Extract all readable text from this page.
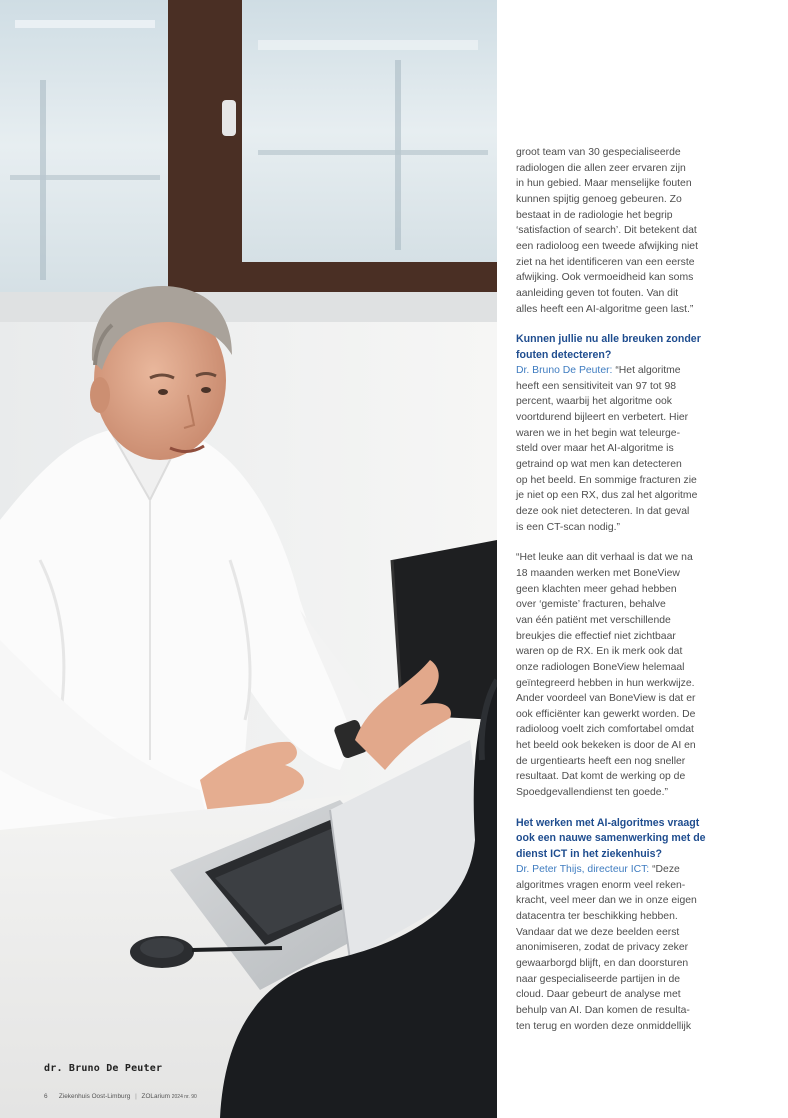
dr. Bruno De Peuter
groot team van 30 gespecialiseerde
radiologen die allen zeer ervaren zijn
in hun gebied. Maar menselijke fouten
kunnen spijtig genoeg gebeuren. Zo
bestaat in de radiologie het begrip
‘satisfaction of search’. Dit betekent dat
een radioloog een tweede afwijking niet
ziet na het identificeren van een eerste
afwijking. Ook vermoeidheid kan soms
aanleiding geven tot fouten. Van dit
alles heeft een AI-algoritme geen last.”
Kunnen jullie nu alle breuken zonder
fouten detecteren?
Dr. Bruno De Peuter: “Het algoritme
heeft een sensitiviteit van 97 tot 98
percent, waarbij het algoritme ook
voortdurend bijleert en verbetert. Hier
waren we in het begin wat teleurge-
steld over maar het AI-algoritme is
getraind op wat men kan detecteren
op het beeld. En sommige fracturen zie
je niet op een RX, dus zal het algoritme
deze ook niet detecteren. In dat geval
is een CT-scan nodig.”
“Het leuke aan dit verhaal is dat we na
18 maanden werken met BoneView
geen klachten meer gehad hebben
over ‘gemiste’ fracturen, behalve
van één patiënt met verschillende
breukjes die effectief niet zichtbaar
waren op de RX. En ik merk ook dat
onze radiologen BoneView helemaal
geïntegreerd hebben in hun werkwijze.
Ander voordeel van BoneView is dat er
ook efficiënter kan gewerkt worden. De
radioloog voelt zich comfortabel omdat
het beeld ook bekeken is door de AI en
de urgentiearts heeft een nog sneller
resultaat. Dat komt de werking op de
Spoedgevallendienst ten goede.”
Het werken met AI-algoritmes vraagt
ook een nauwe samenwerking met de
dienst ICT in het ziekenhuis?
Dr. Peter Thijs, directeur ICT: “Deze
algoritmes vragen enorm veel reken-
kracht, veel meer dan we in onze eigen
datacentra ter beschikking hebben.
Vandaar dat we deze beelden eerst
anonimiseren, zodat de privacy zeker
gewaarborgd blijft, en dan doorsturen
naar gespecialiseerde partijen in de
cloud. Daar gebeurt de analyse met
behulp van AI. Dan komen de resulta-
ten terug en worden deze onmiddellijk
6 Ziekenhuis Oost-Limburg | ZOLarium 2024 nr. 90
